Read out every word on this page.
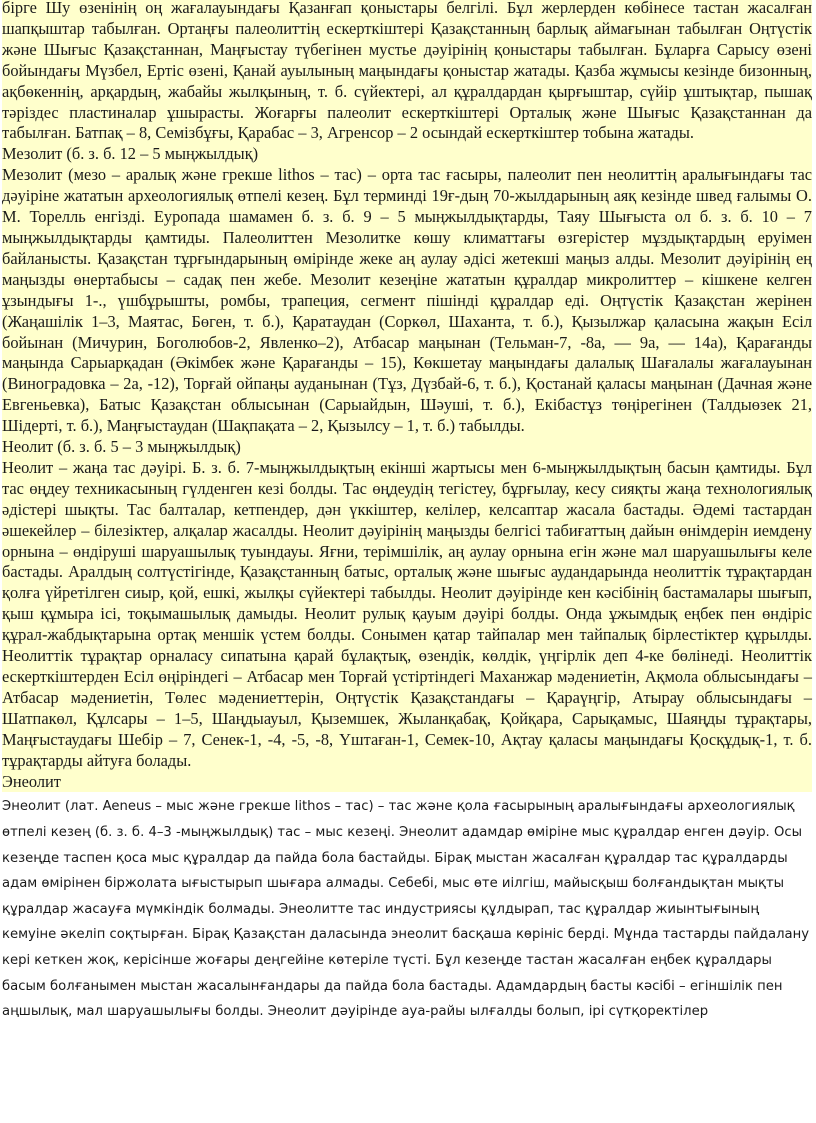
бірге Шу өзенінің оң жағалауындағы Қазанғап қоныстары белгілі. Бұл жерлерден көбінесе тастан жасалған шапқыштар табылған. Ортаңғы палеолиттің ескерткіштері Қазақстанның барлық аймағынан табылған Оңтүстік және Шығыс Қазақстаннан, Маңғыстау түбегінен мустье дәуірінің қоныстары табылған. Бұларға Сарысу өзені бойындағы Мүзбел, Ертіс өзені, Қанай ауылының маңындағы қоныстар жатады. Қазба жұмысы кезінде бизонның, ақбөкеннің, арқардың, жабайы жылқының, т. б. сүйектері, ал құралдардан қырғыштар, сүйір ұштықтар, пышақ тәріздес пластиналар ұшырасты. Жоғарғы палеолит ескерткіштері Орталық және Шығыс Қазақстаннан да табылған. Батпақ – 8, Семізбұғы, Қарабас – 3, Агренсор – 2 осындай ескерткіштер тобына жатады.

Мезолит (б. з. б. 12 – 5 мыңжылдық)

Мезолит (мезо – аралық және грекше lithos – тас) – орта тас ғасыры, палеолит пен неолиттің аралығындағы тас дәуіріне жататын археологиялық өтпелі кезең. Бұл терминді 19ғ-дың 70-жылдарының аяқ кезінде швед ғалымы О. М. Торелль енгізді. Еуропада шамамен б. з. б. 9 – 5 мыңжылдықтарды, Таяу Шығыста ол б. з. б. 10 – 7 мыңжылдықтарды қамтиды. Палеолиттен Мезолитке көшу климаттағы өзгерістер мұздықтардың еруімен байланысты. Қазақстан тұрғындарының өмірінде жеке аң аулау әдісі жетекші маңыз алды. Мезолит дәуірінің ең маңызды өнертабысы – садақ пен жебе. Мезолит кезеңіне жататын құралдар микролиттер – кішкене келген ұзындығы 1-., үшбұрышты, ромбы, трапеция, сегмент пішінді құралдар еді. Оңтүстік Қазақстан жерінен (Жаңашілік 1–3, Маятас, Бөген, т. б.), Қаратаудан (Соркөл, Шаханта, т. б.), Қызылжар қаласына жақын Есіл бойынан (Мичурин, Боголюбов-2, Явленко–2), Атбасар маңынан (Тельман-7, -8а, — 9а, — 14а), Қарағанды маңында Сарыарқадан (Әкімбек және Қарағанды – 15), Көкшетау маңындағы далалық Шағалалы жағалауынан (Виноградовка – 2а, -12), Торғай ойпаңы ауданынан (Тұз, Дүзбай-6, т. б.), Қостанай қаласы маңынан (Дачная және Евгеньевка), Батыс Қазақстан облысынан (Сарыайдын, Шәуші, т. б.), Екібастұз төңірегінен (Талдыөзек 21, Шідерті, т. б.), Маңғыстаудан (Шақпақата – 2, Қызылсу – 1, т. б.) табылды.

Неолит (б. з. б. 5 – 3 мыңжылдық)

Неолит – жаңа тас дәуірі. Б. з. б. 7-мыңжылдықтың екінші жартысы мен 6-мыңжылдықтың басын қамтиды. Бұл тас өңдеу техникасының гүлденген кезі болды. Тас өңдеудің тегістеу, бұрғылау, кесу сияқты жаңа технологиялық әдістері шықты. Тас балталар, кетпендер, дән үккіштер, келілер, келсаптар жасала бастады. Әдемі тастардан әшекейлер – білезіктер, алқалар жасалды. Неолит дәуірінің маңызды белгісі табиғаттың дайын өнімдерін иемдену орнына – өндіруші шаруашылық туындауы. Яғни, терімшілік, аң аулау орнына егін және мал шаруашылығы келе бастады. Аралдың солтүстігінде, Қазақстанның батыс, орталық және шығыс аудандарында неолиттік тұрақтардан қолға үйретілген сиыр, қой, ешкі, жылқы сүйектері табылды. Неолит дәуірінде кен кәсібінің бастамалары шығып, қыш құмыра ісі, тоқымашылық дамыды. Неолит рулық қауым дәуірі болды. Онда ұжымдық еңбек пен өндіріс құрал-жабдықтарына ортақ меншік үстем болды. Сонымен қатар тайпалар мен тайпалық бірлестіктер құрылды. Неолиттік тұрақтар орналасу сипатына қарай бұлақтық, өзендік, көлдік, үңгірлік деп 4-ке бөлінеді. Неолиттік ескерткіштерден Есіл өңіріндегі – Атбасар мен Торғай үстіртіндегі Маханжар мәдениетін, Ақмола облысындағы – Атбасар мәдениетін, Төлес мәдениеттерін, Оңтүстік Қазақстандағы – Қараүңгір, Атырау облысындағы – Шатпакөл, Құлсары – 1–5, Шаңдыауыл, Қыземшек, Жыланқабақ, Қойқара, Сарықамыс, Шаяңды тұрақтары, Маңғыстаудағы Шебір – 7, Сенек-1, -4, -5, -8, Үштаған-1, Семек-10, Ақтау қаласы маңындағы Қосқұдық-1, т. б. тұрақтарды айтуға болады.

Энеолит

Энеолит (лат. Aeneus – мыс және грекше lithos – тас) – тас және қола ғасырының аралығындағы археологиялық өтпелі кезең (б. з. б. 4–3 -мыңжылдық) тас – мыс кезеңі. Энеолит адамдар өміріне мыс құралдар енген дәуір. Осы кезеңде таспен қоса мыс құралдар да пайда бола бастайды. Бірақ мыстан жасалған құралдар тас құралдарды адам өмірінен біржолата ығыстырып шығара алмады. Себебі, мыс өте иілгіш, майысқыш болғандықтан мықты құралдар жасауға мүмкіндік болмады. Энеолитте тас индустриясы құлдырап, тас құралдар жиынтығының кемуіне әкеліп соқтырған. Бірақ Қазақстан даласында энеолит басқаша көрініс берді. Мұнда тастарды пайдалану кері кеткен жоқ, керісінше жоғары деңгейіне көтеріле түсті. Бұл кезеңде тастан жасалған еңбек құралдары басым болғанымен мыстан жасалынғандары да пайда бола бастады. Адамдардың басты кәсібі – егіншілік пен аңшылық, мал шаруашылығы болды. Энеолит дәуірінде ауа-райы ылғалды болып, ірі сүтқоректілер
